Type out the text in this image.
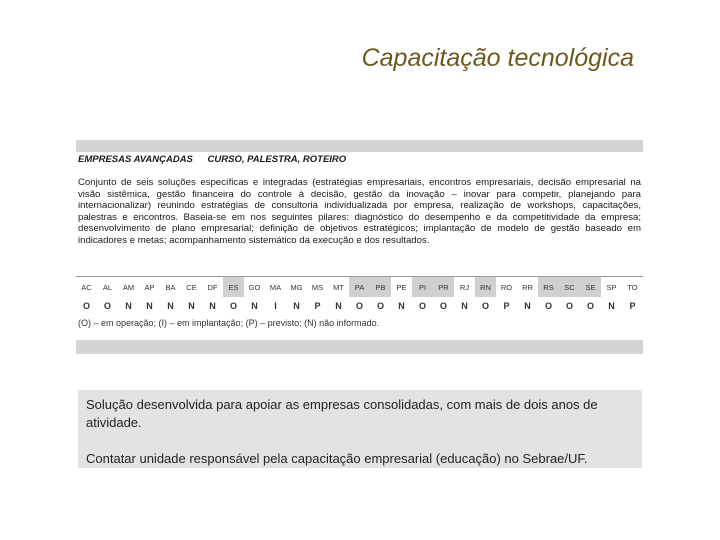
Capacitação tecnológica
EMPRESAS AVANÇADAS CURSO, PALESTRA, ROTEIRO
Conjunto de seis soluções específicas e integradas (estratégias empresariais, encontros empresariais, decisão empresarial na visão sistêmica, gestão financeira do controle à decisão, gestão da inovação – inovar para competir, planejando para internacionalizar) reunindo estratégias de consultoria individualizada por empresa, realização de workshops, capacitações, palestras e encontros. Baseia-se em nos seguintes pilares: diagnóstico do desempenho e da competitividade da empresa; desenvolvimento de plano empresarial; definição de objetivos estratégicos; implantação de modelo de gestão baseado em indicadores e metas; acompanhamento sistemático da execução e dos resultados.
AC	AL	AM	AP	BA	CE	DF	ES	GO	MA	MG	MS	MT	PA	PB	PE	PI	PR	RJ	RN	RO	RR	RS	SC	SE	SP	TO
O	O	N	N	N	N	N	O	N	I	N	P	N	O	O	N	O	O	N	O	P	N	O	O	O	N	P
(O) – em operação; (I) – em implantação; (P) – previsto; (N) não informado.

Solução desenvolvida para apoiar as empresas consolidadas, com mais de dois anos de atividade.

Contatar unidade responsável pela capacitação empresarial (educação) no Sebrae/UF.
